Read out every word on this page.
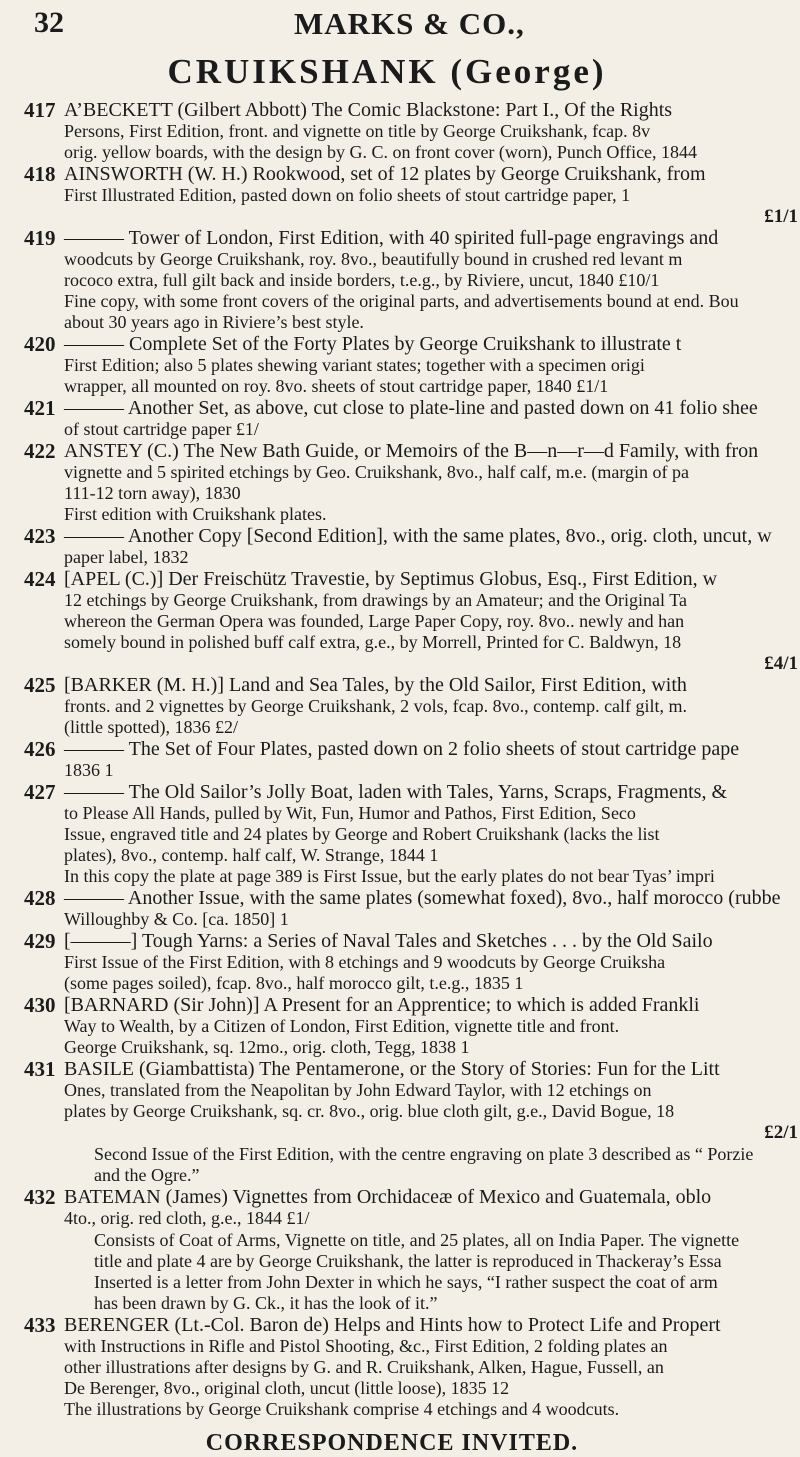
32	MARKS & CO.,
CRUIKSHANK (George)
417 A’BECKETT (Gilbert Abbott) The Comic Blackstone: Part I., Of the Rights
Persons, First Edition, front. and vignette on title by George Cruikshank, fcap. 8v
orig. yellow boards, with the design by G. C. on front cover (worn), Punch Office, 1844
418 AINSWORTH (W. H.) Rookwood, set of 12 plates by George Cruikshank, from
First Illustrated Edition, pasted down on folio sheets of stout cartridge paper, 1
£1/1
419 ——— Tower of London, First Edition, with 40 spirited full-page engravings and
woodcuts by George Cruikshank, roy. 8vo., beautifully bound in crushed red levant m
rococo extra, full gilt back and inside borders, t.e.g., by Riviere, uncut, 1840 £10/1
Fine copy, with some front covers of the original parts, and advertisements bound at end. Bou
about 30 years ago in Riviere’s best style.
420 ——— Complete Set of the Forty Plates by George Cruikshank to illustrate t
First Edition; also 5 plates shewing variant states; together with a specimen origi
wrapper, all mounted on roy. 8vo. sheets of stout cartridge paper, 1840 £1/1
421 ——— Another Set, as above, cut close to plate-line and pasted down on 41 folio shee
of stout cartridge paper £1/
422 ANSTEY (C.) The New Bath Guide, or Memoirs of the B—n—r—d Family, with fron
vignette and 5 spirited etchings by Geo. Cruikshank, 8vo., half calf, m.e. (margin of pa
111-12 torn away), 1830
First edition with Cruikshank plates.
423 ——— Another Copy [Second Edition], with the same plates, 8vo., orig. cloth, uncut, w
paper label, 1832
424 [APEL (C.)] Der Freischütz Travestie, by Septimus Globus, Esq., First Edition, w
12 etchings by George Cruikshank, from drawings by an Amateur; and the Original Ta
whereon the German Opera was founded, Large Paper Copy, roy. 8vo.. newly and han
somely bound in polished buff calf extra, g.e., by Morrell, Printed for C. Baldwyn, 18
£4/1
425 [BARKER (M. H.)] Land and Sea Tales, by the Old Sailor, First Edition, with
fronts. and 2 vignettes by George Cruikshank, 2 vols, fcap. 8vo., contemp. calf gilt, m.
(little spotted), 1836 £2/
426 ——— The Set of Four Plates, pasted down on 2 folio sheets of stout cartridge pape
1836 1
427 ——— The Old Sailor’s Jolly Boat, laden with Tales, Yarns, Scraps, Fragments, &
to Please All Hands, pulled by Wit, Fun, Humor and Pathos, First Edition, Seco
Issue, engraved title and 24 plates by George and Robert Cruikshank (lacks the list
plates), 8vo., contemp. half calf, W. Strange, 1844 1
In this copy the plate at page 389 is First Issue, but the early plates do not bear Tyas’ impri
428 ——— Another Issue, with the same plates (somewhat foxed), 8vo., half morocco (rubbe
Willoughby & Co. [ca. 1850] 1
429 [———] Tough Yarns: a Series of Naval Tales and Sketches . . . by the Old Sailo
First Issue of the First Edition, with 8 etchings and 9 woodcuts by George Cruiksha
(some pages soiled), fcap. 8vo., half morocco gilt, t.e.g., 1835 1
430 [BARNARD (Sir John)] A Present for an Apprentice; to which is added Frankli
Way to Wealth, by a Citizen of London, First Edition, vignette title and front.
George Cruikshank, sq. 12mo., orig. cloth, Tegg, 1838 1
431 BASILE (Giambattista) The Pentamerone, or the Story of Stories: Fun for the Litt
Ones, translated from the Neapolitan by John Edward Taylor, with 12 etchings on
plates by George Cruikshank, sq. cr. 8vo., orig. blue cloth gilt, g.e., David Bogue, 18
£2/1
Second Issue of the First Edition, with the centre engraving on plate 3 described as “ Porzie
and the Ogre.”
432 BATEMAN (James) Vignettes from Orchidaceæ of Mexico and Guatemala, oblo
4to., orig. red cloth, g.e., 1844 £1/
Consists of Coat of Arms, Vignette on title, and 25 plates, all on India Paper. The vignette
title and plate 4 are by George Cruikshank, the latter is reproduced in Thackeray’s Essa
Inserted is a letter from John Dexter in which he says, “I rather suspect the coat of arm
has been drawn by G. Ck., it has the look of it.”
433 BERENGER (Lt.-Col. Baron de) Helps and Hints how to Protect Life and Propert
with Instructions in Rifle and Pistol Shooting, &c., First Edition, 2 folding plates an
other illustrations after designs by G. and R. Cruikshank, Alken, Hague, Fussell, an
De Berenger, 8vo., original cloth, uncut (little loose), 1835 12
The illustrations by George Cruikshank comprise 4 etchings and 4 woodcuts.
CORRESPONDENCE INVITED.
